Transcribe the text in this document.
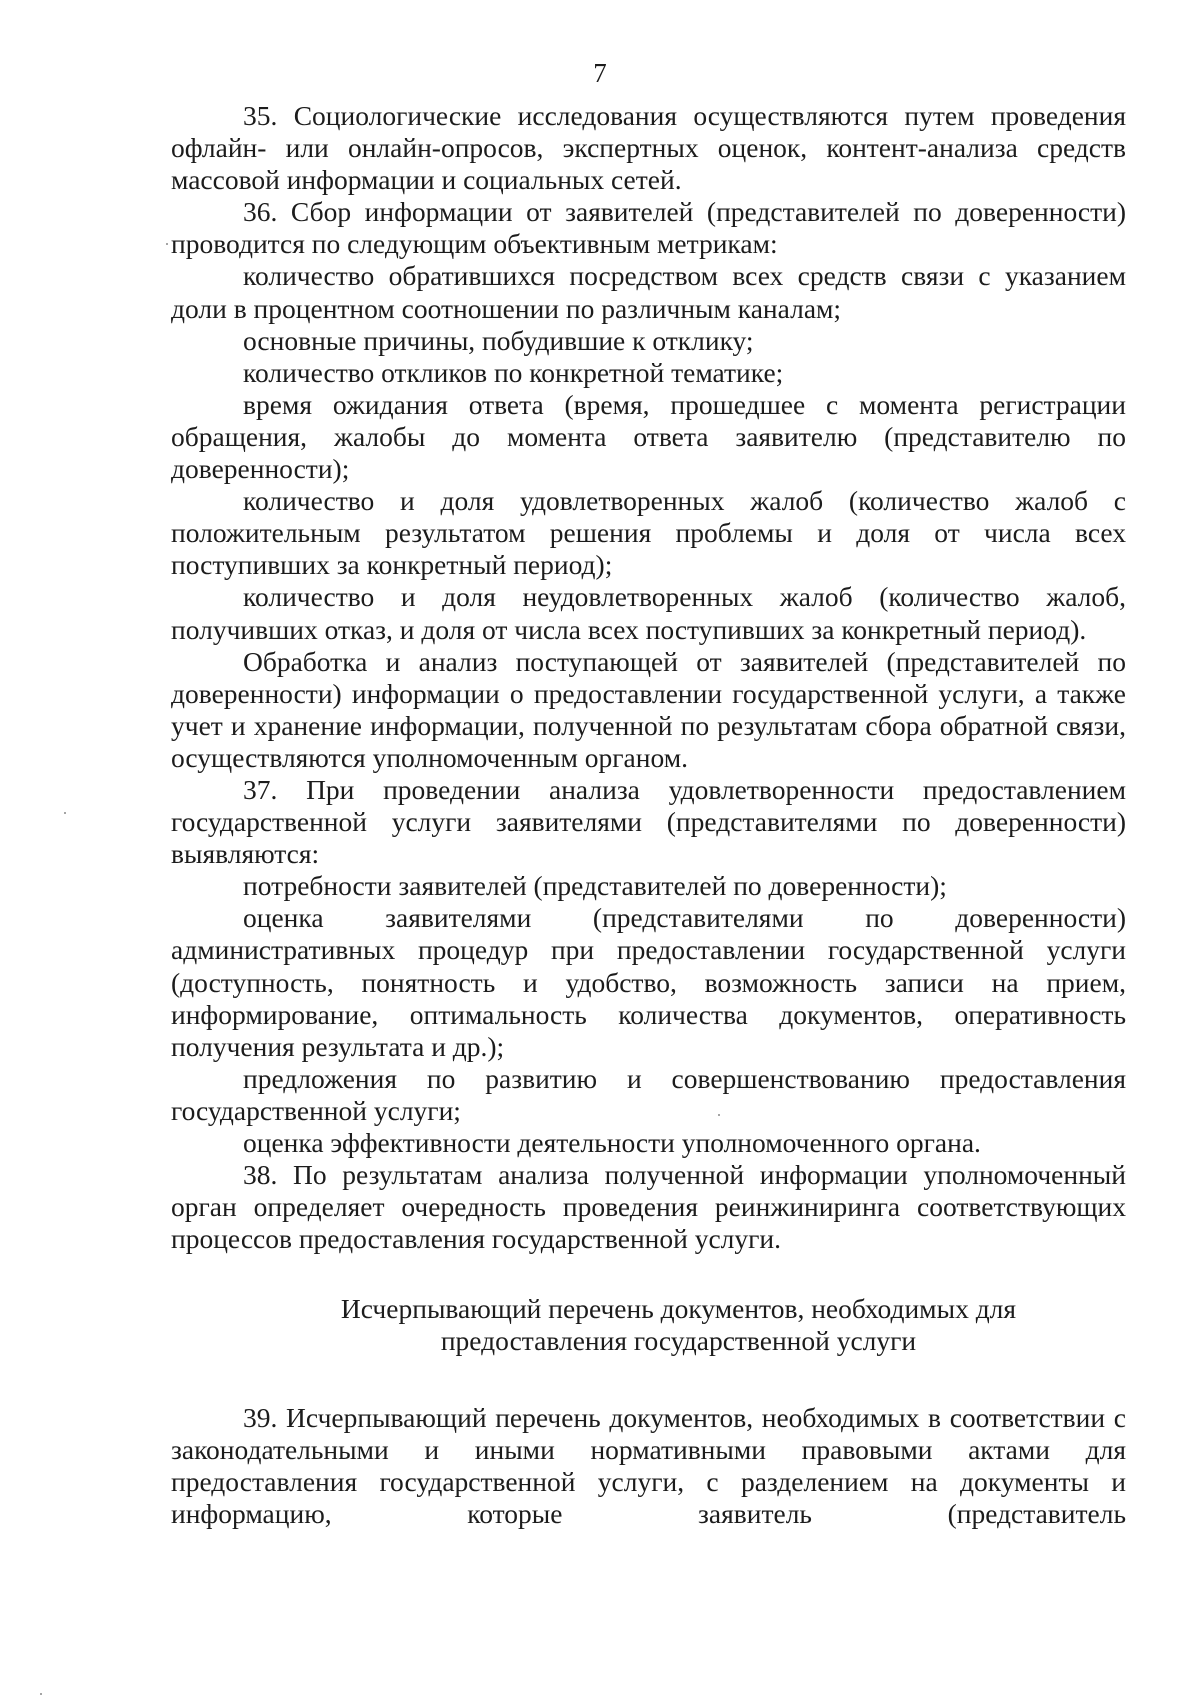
7

35. Социологические исследования осуществляются путем проведения офлайн- или онлайн-опросов, экспертных оценок, контент-анализа средств массовой информации и социальных сетей.

36. Сбор информации от заявителей (представителей по доверенности) проводится по следующим объективным метрикам:

количество обратившихся посредством всех средств связи с указанием доли в процентном соотношении по различным каналам;

основные причины, побудившие к отклику;

количество откликов по конкретной тематике;

время ожидания ответа (время, прошедшее с момента регистрации обращения, жалобы до момента ответа заявителю (представителю по доверенности);

количество и доля удовлетворенных жалоб (количество жалоб с положительным результатом решения проблемы и доля от числа всех поступивших за конкретный период);

количество и доля неудовлетворенных жалоб (количество жалоб, получивших отказ, и доля от числа всех поступивших за конкретный период).

Обработка и анализ поступающей от заявителей (представителей по доверенности) информации о предоставлении государственной услуги, а также учет и хранение информации, полученной по результатам сбора обратной связи, осуществляются уполномоченным органом.

37. При проведении анализа удовлетворенности предоставлением государственной услуги заявителями (представителями по доверенности) выявляются:

потребности заявителей (представителей по доверенности);

оценка заявителями (представителями по доверенности) административных процедур при предоставлении государственной услуги (доступность, понятность и удобство, возможность записи на прием, информирование, оптимальность количества документов, оперативность получения результата и др.);

предложения по развитию и совершенствованию предоставления государственной услуги;

оценка эффективности деятельности уполномоченного органа.

38. По результатам анализа полученной информации уполномоченный орган определяет очередность проведения реинжиниринга соответствующих процессов предоставления государственной услуги.

Исчерпывающий перечень документов, необходимых для
предоставления государственной услуги

39. Исчерпывающий перечень документов, необходимых в соответствии с законодательными и иными нормативными правовыми актами для предоставления государственной услуги, с разделением на документы и информацию, которые заявитель (представитель
